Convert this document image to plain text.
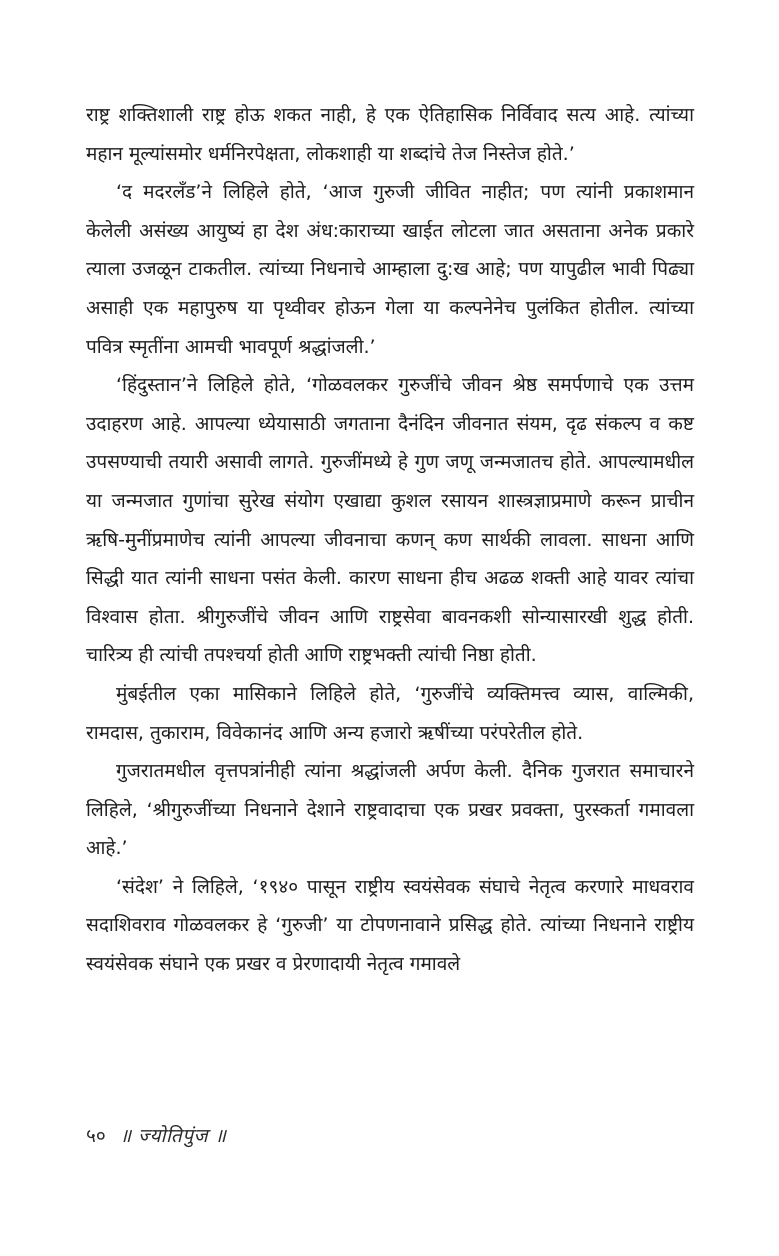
राष्ट्र शक्तिशाली राष्ट्र होऊ शकत नाही, हे एक ऐतिहासिक निर्विवाद सत्य आहे. त्यांच्या महान मूल्यांसमोर धर्मनिरपेक्षता, लोकशाही या शब्दांचे तेज निस्तेज होते.’

‘द मदरलँड’ने लिहिले होते, ‘आज गुरुजी जीवित नाहीत; पण त्यांनी प्रकाशमान केलेली असंख्य आयुष्यं हा देश अंध:काराच्या खाईत लोटला जात असताना अनेक प्रकारे त्याला उजळून टाकतील. त्यांच्या निधनाचे आम्हाला दु:ख आहे; पण यापुढील भावी पिढ्या असाही एक महापुरुष या पृथ्वीवर होऊन गेला या कल्पनेनेच पुलंकित होतील. त्यांच्या पवित्र स्मृतींना आमची भावपूर्ण श्रद्धांजली.’

‘हिंदुस्तान’ने लिहिले होते, ‘गोळवलकर गुरुजींचे जीवन श्रेष्ठ समर्पणाचे एक उत्तम उदाहरण आहे. आपल्या ध्येयासाठी जगताना दैनंदिन जीवनात संयम, दृढ संकल्प व कष्ट उपसण्याची तयारी असावी लागते. गुरुजींमध्ये हे गुण जणू जन्मजातच होते. आपल्यामधील या जन्मजात गुणांचा सुरेख संयोग एखाद्या कुशल रसायन शास्त्रज्ञाप्रमाणे करून प्राचीन ऋषि-मुनींप्रमाणेच त्यांनी आपल्या जीवनाचा कणन् कण सार्थकी लावला. साधना आणि सिद्धी यात त्यांनी साधना पसंत केली. कारण साधना हीच अढळ शक्ती आहे यावर त्यांचा विश्वास होता. श्रीगुरुजींचे जीवन आणि राष्ट्रसेवा बावनकशी सोन्यासारखी शुद्ध होती. चारित्र्य ही त्यांची तपश्चर्या होती आणि राष्ट्रभक्ती त्यांची निष्ठा होती.

मुंबईतील एका मासिकाने लिहिले होते, ‘गुरुजींचे व्यक्तिमत्त्व व्यास, वाल्मिकी, रामदास, तुकाराम, विवेकानंद आणि अन्य हजारो ऋषींच्या परंपरेतील होते.

गुजरातमधील वृत्तपत्रांनीही त्यांना श्रद्धांजली अर्पण केली. दैनिक गुजरात समाचारने लिहिले, ‘श्रीगुरुजींच्या निधनाने देशाने राष्ट्रवादाचा एक प्रखर प्रवक्ता, पुरस्कर्ता गमावला आहे.’

‘संदेश’ ने लिहिले, ‘१९४० पासून राष्ट्रीय स्वयंसेवक संघाचे नेतृत्व करणारे माधवराव सदाशिवराव गोळवलकर हे ‘गुरुजी’ या टोपणनावाने प्रसिद्ध होते. त्यांच्या निधनाने राष्ट्रीय स्वयंसेवक संघाने एक प्रखर व प्रेरणादायी नेतृत्व गमावले

५० ॥ ज्योतिपुंज ॥
